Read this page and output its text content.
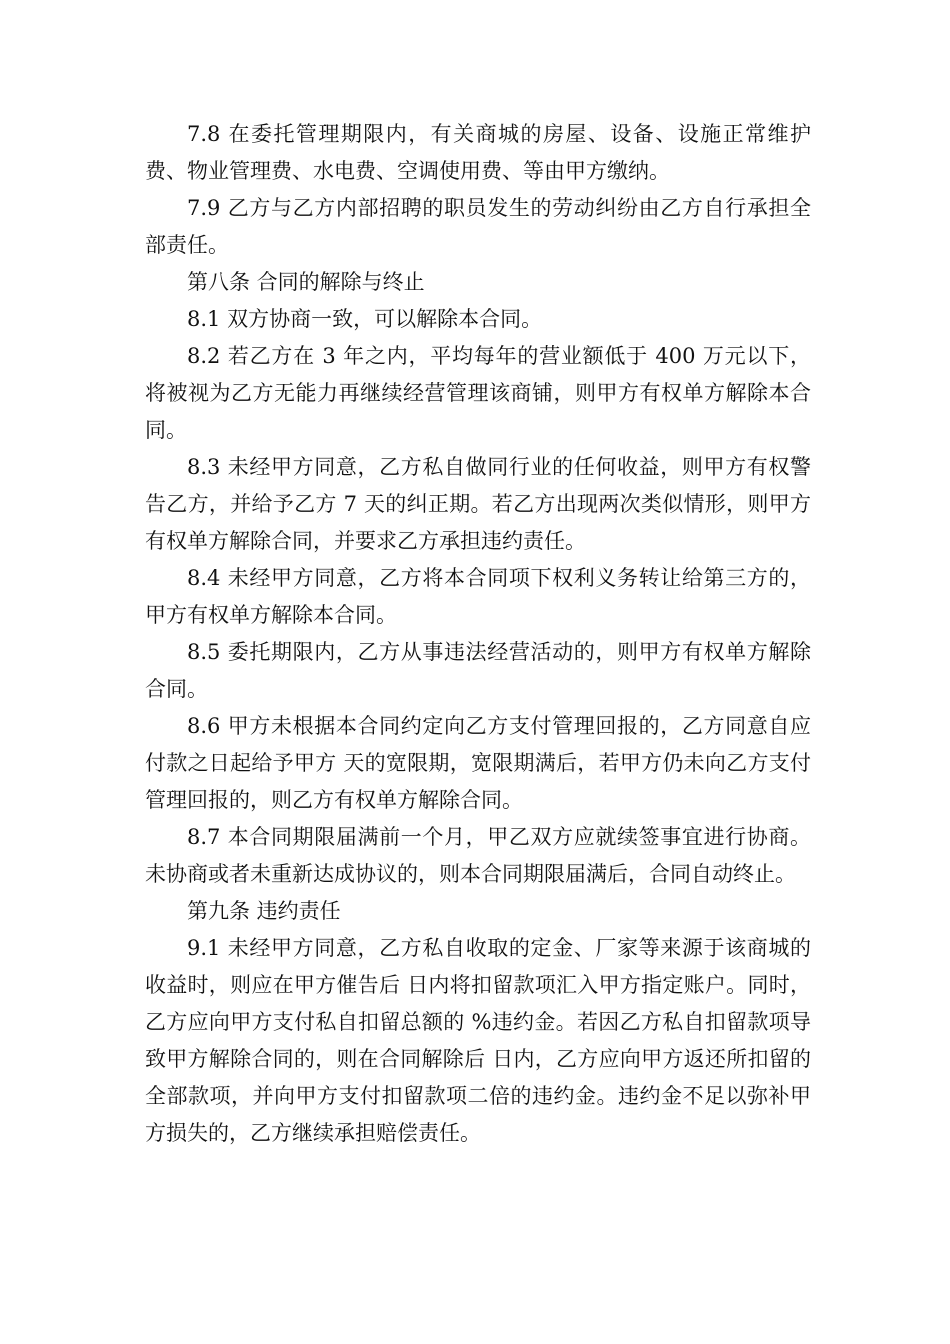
7.8 在委托管理期限内，有关商城的房屋、设备、设施正常维护费、物业管理费、水电费、空调使用费、等由甲方缴纳。

7.9 乙方与乙方内部招聘的职员发生的劳动纠纷由乙方自行承担全部责任。

第八条 合同的解除与终止

8.1 双方协商一致，可以解除本合同。

8.2 若乙方在 3 年之内，平均每年的营业额低于 400 万元以下，将被视为乙方无能力再继续经营管理该商铺，则甲方有权单方解除本合同。

8.3 未经甲方同意，乙方私自做同行业的任何收益，则甲方有权警告乙方，并给予乙方 7 天的纠正期。若乙方出现两次类似情形，则甲方有权单方解除合同，并要求乙方承担违约责任。

8.4 未经甲方同意，乙方将本合同项下权利义务转让给第三方的，甲方有权单方解除本合同。

8.5 委托期限内，乙方从事违法经营活动的，则甲方有权单方解除合同。

8.6 甲方未根据本合同约定向乙方支付管理回报的，乙方同意自应付款之日起给予甲方 天的宽限期，宽限期满后，若甲方仍未向乙方支付管理回报的，则乙方有权单方解除合同。

8.7 本合同期限届满前一个月，甲乙双方应就续签事宜进行协商。未协商或者未重新达成协议的，则本合同期限届满后，合同自动终止。

第九条 违约责任

9.1 未经甲方同意，乙方私自收取的定金、厂家等来源于该商城的收益时，则应在甲方催告后 日内将扣留款项汇入甲方指定账户。同时，乙方应向甲方支付私自扣留总额的 %违约金。若因乙方私自扣留款项导致甲方解除合同的，则在合同解除后 日内，乙方应向甲方返还所扣留的全部款项，并向甲方支付扣留款项二倍的违约金。违约金不足以弥补甲方损失的，乙方继续承担赔偿责任。
